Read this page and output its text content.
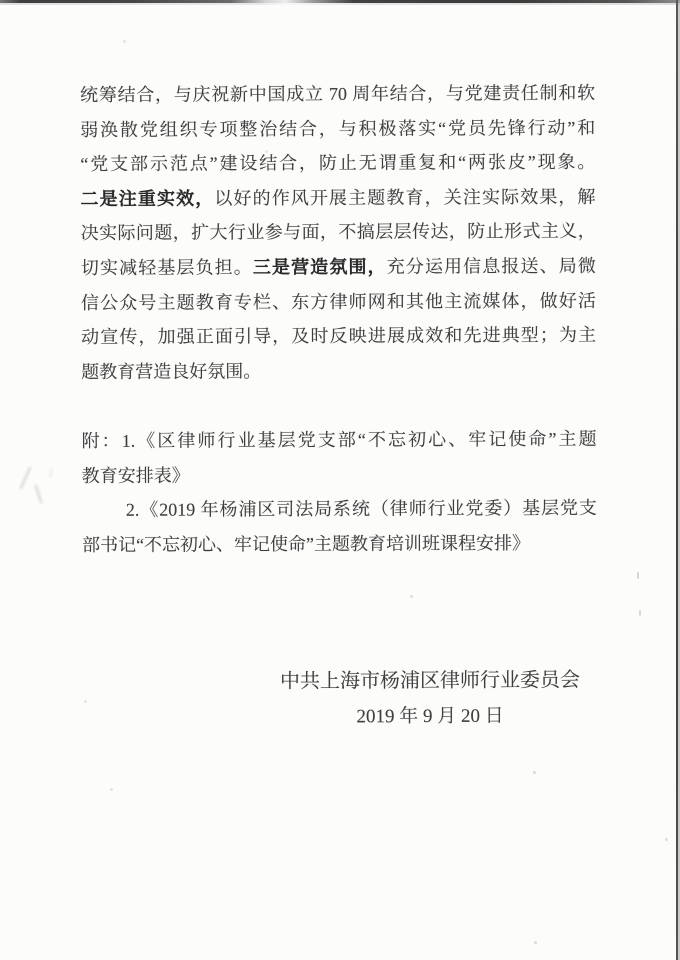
统筹结合，与庆祝新中国成立 70 周年结合，与党建责任制和软
弱涣散党组织专项整治结合，与积极落实“党员先锋行动”和
“党支部示范点”建设结合，防止无谓重复和“两张皮”现象。
二是注重实效，以好的作风开展主题教育，关注实际效果，解
决实际问题，扩大行业参与面，不搞层层传达，防止形式主义，
切实减轻基层负担。三是营造氛围，充分运用信息报送、局微
信公众号主题教育专栏、东方律师网和其他主流媒体，做好活
动宣传，加强正面引导，及时反映进展成效和先进典型；为主
题教育营造良好氛围。
附：1.《区律师行业基层党支部“不忘初心、牢记使命”主题
教育安排表》
2.《2019 年杨浦区司法局系统（律师行业党委）基层党支
部书记“不忘初心、牢记使命”主题教育培训班课程安排》
中共上海市杨浦区律师行业委员会
2019 年 9 月 20 日
